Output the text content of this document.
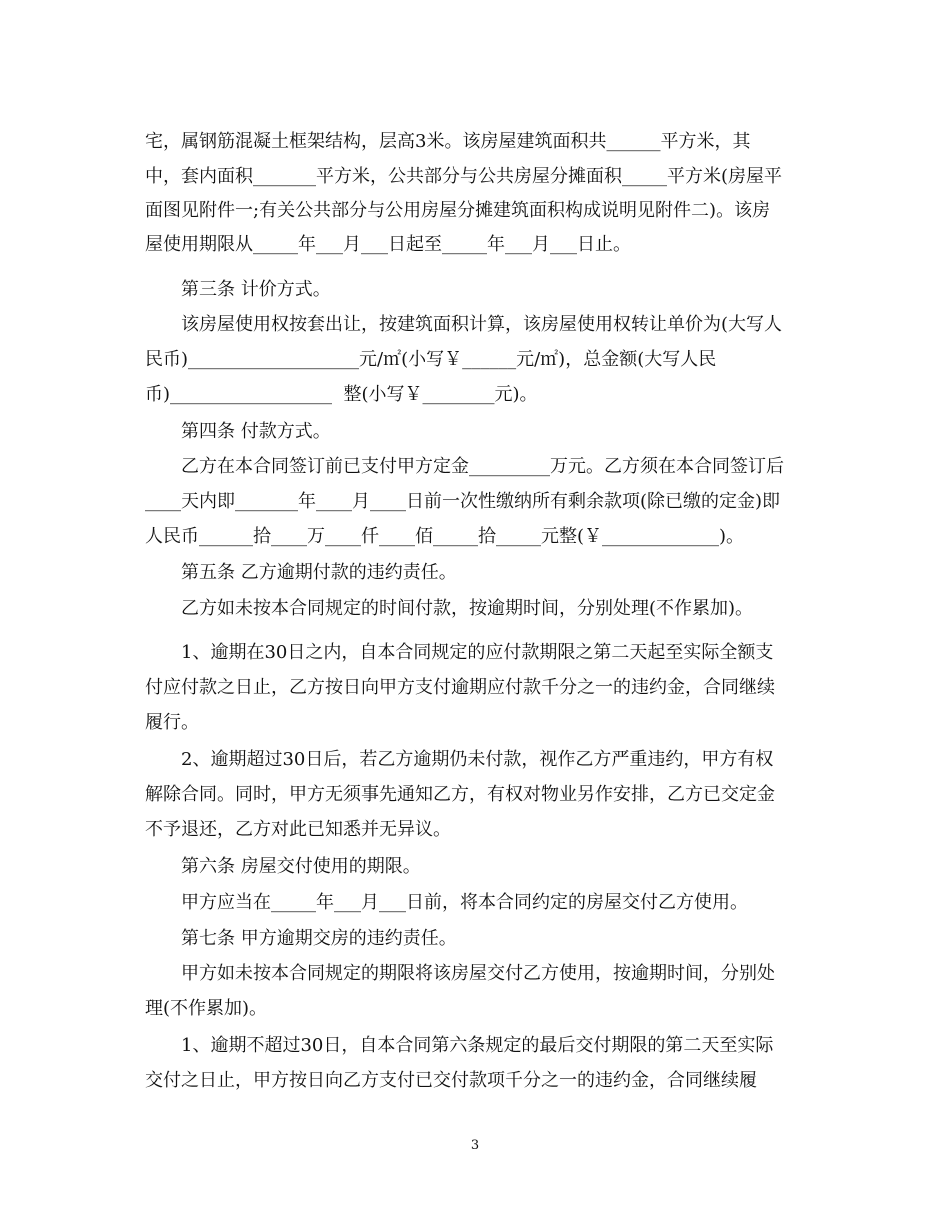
宅，属钢筋混凝土框架结构，层高3米。该房屋建筑面积共______平方米，其
中，套内面积_______平方米，公共部分与公共房屋分摊面积_____平方米(房屋平
面图见附件一;有关公共部分与公用房屋分摊建筑面积构成说明见附件二)。该房
屋使用期限从_____年___月___日起至_____年___月___日止。
第三条 计价方式。
该房屋使用权按套出让，按建筑面积计算，该房屋使用权转让单价为(大写人
民币)___________________元/㎡(小写￥______元/㎡)，总金额(大写人民
币)__________________  整(小写￥________元)。
第四条 付款方式。
乙方在本合同签订前已支付甲方定金_________万元。乙方须在本合同签订后
____天内即_______年____月____日前一次性缴纳所有剩余款项(除已缴的定金)即
人民币______拾____万____仟____佰_____拾_____元整(￥_____________)。
第五条 乙方逾期付款的违约责任。
乙方如未按本合同规定的时间付款，按逾期时间，分别处理(不作累加)。
1、逾期在30日之内，自本合同规定的应付款期限之第二天起至实际全额支
付应付款之日止，乙方按日向甲方支付逾期应付款千分之一的违约金，合同继续
履行。
2、逾期超过30日后，若乙方逾期仍未付款，视作乙方严重违约，甲方有权
解除合同。同时，甲方无须事先通知乙方，有权对物业另作安排，乙方已交定金
不予退还，乙方对此已知悉并无异议。
第六条 房屋交付使用的期限。
甲方应当在_____年___月___日前，将本合同约定的房屋交付乙方使用。
第七条 甲方逾期交房的违约责任。
甲方如未按本合同规定的期限将该房屋交付乙方使用，按逾期时间，分别处
理(不作累加)。
1、逾期不超过30日，自本合同第六条规定的最后交付期限的第二天至实际
交付之日止，甲方按日向乙方支付已交付款项千分之一的违约金，合同继续履
3
